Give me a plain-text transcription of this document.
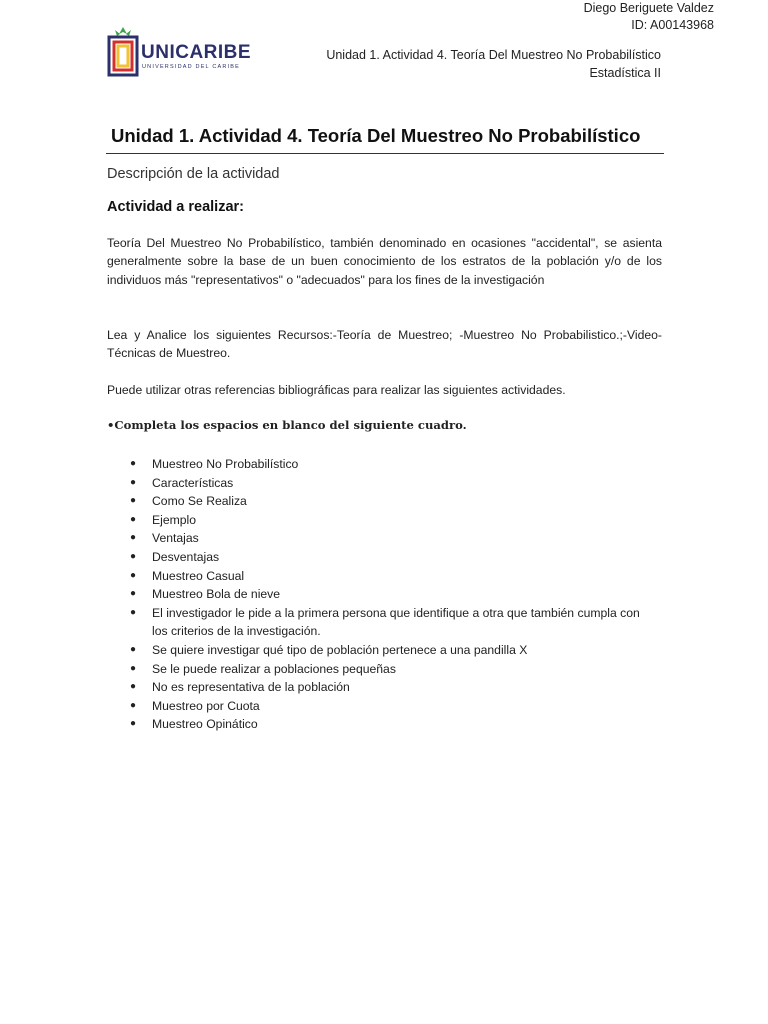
Diego Beriguete Valdez
ID: A00143968
UNICARIBE
UNIVERSIDAD DEL CARIBE
Unidad 1. Actividad 4. Teoría Del Muestreo No Probabilístico
Estadística II
Unidad 1. Actividad 4. Teoría Del Muestreo No Probabilístico
Descripción de la actividad
Actividad a realizar:

Teoría Del Muestreo No Probabilístico, también denominado en ocasiones "accidental", se asienta generalmente sobre la base de un buen conocimiento de los estratos de la población y/o de los individuos más "representativos" o "adecuados" para los fines de la investigación

Lea y Analice los siguientes Recursos:-Teoría de Muestreo; -Muestreo No Probabilistico.;-Video- Técnicas de Muestreo.

Puede utilizar otras referencias bibliográficas para realizar las siguientes actividades.

•Completa los espacios en blanco del siguiente cuadro.

● Muestreo No Probabilístico
● Características
● Como Se Realiza
● Ejemplo
● Ventajas
● Desventajas
● Muestreo Casual
● Muestreo Bola de nieve
● El investigador le pide a la primera persona que identifique a otra que también cumpla con los criterios de la investigación.
● Se quiere investigar qué tipo de población pertenece a una pandilla X
● Se le puede realizar a poblaciones pequeñas
● No es representativa de la población
● Muestreo por Cuota
● Muestreo Opinático
